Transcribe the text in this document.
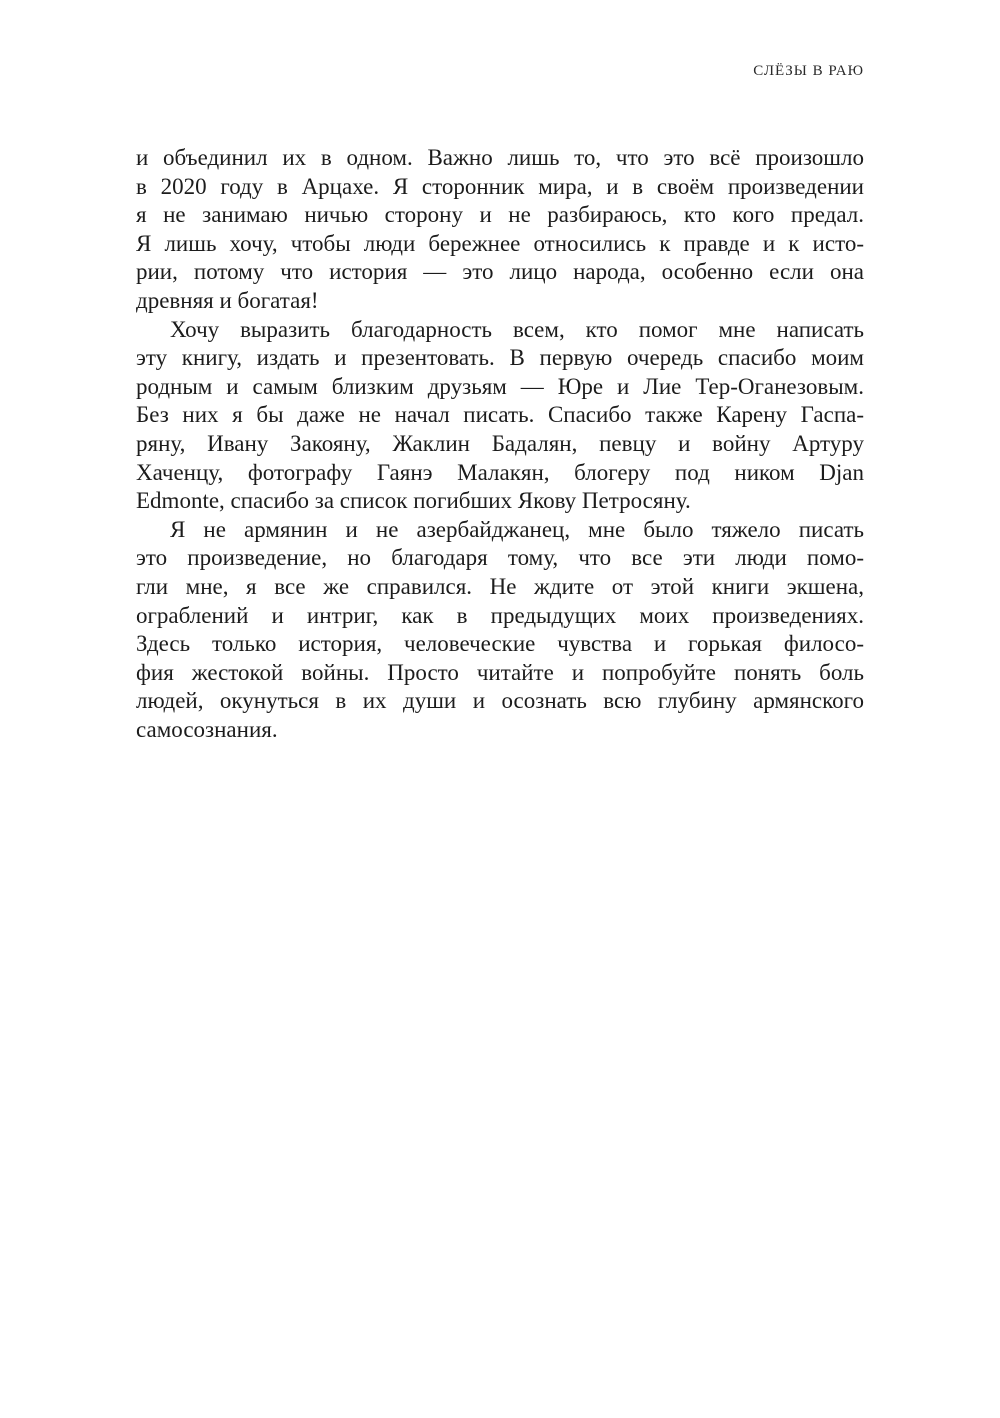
СЛЁЗЫ В РАЮ
и объединил их в одном. Важно лишь то, что это всё произошло
в 2020 году в Арцахе. Я сторонник мира, и в своём произведении
я не занимаю ничью сторону и не разбираюсь, кто кого предал.
Я лишь хочу, чтобы люди бережнее относились к правде и к исто-
рии, потому что история — это лицо народа, особенно если она
древняя и богатая!
Хочу выразить благодарность всем, кто помог мне написать
эту книгу, издать и презентовать. В первую очередь спасибо моим
родным и самым близким друзьям — Юре и Лие Тер-Оганезовым.
Без них я бы даже не начал писать. Спасибо также Карену Гаспа-
ряну, Ивану Закояну, Жаклин Бадалян, певцу и войну Артуру
Хаченцу, фотографу Гаянэ Малакян, блогеру под ником Djan
Edmonte, спасибо за список погибших Якову Петросяну.
Я не армянин и не азербайджанец, мне было тяжело писать
это произведение, но благодаря тому, что все эти люди помо-
гли мне, я все же справился. Не ждите от этой книги экшена,
ограблений и интриг, как в предыдущих моих произведениях.
Здесь только история, человеческие чувства и горькая филосо-
фия жестокой войны. Просто читайте и попробуйте понять боль
людей, окунуться в их души и осознать всю глубину армянского
самосознания.
